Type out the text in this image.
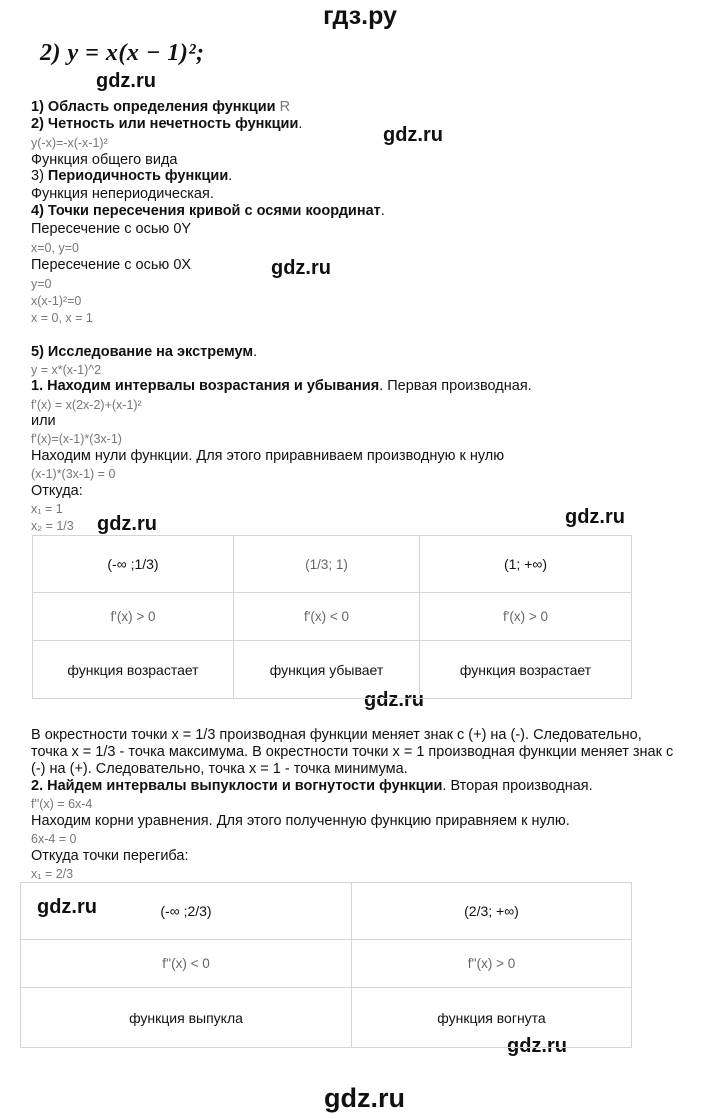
гдз.ру
2) y = x(x − 1)²;
gdz.ru
gdz.ru
gdz.ru
gdz.ru	gdz.ru
gdz.ru
gdz.ru
gdz.ru
gdz.ru
1) Область определения функции R
2) Четность или нечетность функции.
y(-x)=-x(-x-1)²
Функция общего вида
3) Периодичность функции.
Функция непериодическая.
4) Точки пересечения кривой с осями координат.
Пересечение с осью 0Y
x=0, y=0
Пересечение с осью 0X
y=0
x(x-1)²=0
x = 0, x = 1
5) Исследование на экстремум.
y = x*(x-1)^2
1. Находим интервалы возрастания и убывания. Первая производная.
f'(x) = x(2x-2)+(x-1)²
или
f'(x)=(x-1)*(3x-1)
Находим нули функции. Для этого приравниваем производную к нулю
(x-1)*(3x-1) = 0
Откуда:
x₁ = 1
x₂ = 1/3
(-∞ ;1/3)	(1/3; 1)	(1; +∞)
f'(x) > 0	f'(x) < 0	f'(x) > 0
функция возрастает	функция убывает	функция возрастает
В окрестности точки x = 1/3 производная функции меняет знак с (+) на (-). Следовательно,
точка x = 1/3 - точка максимума. В окрестности точки x = 1 производная функции меняет знак с
(-) на (+). Следовательно, точка x = 1 - точка минимума.
2. Найдем интервалы выпуклости и вогнутости функции. Вторая производная.
f''(x) = 6x-4
Находим корни уравнения. Для этого полученную функцию приравняем к нулю.
6x-4 = 0
Откуда точки перегиба:
x₁ = 2/3
(-∞ ;2/3)	(2/3; +∞)
f''(x) < 0	f''(x) > 0
функция выпукла	функция вогнута
